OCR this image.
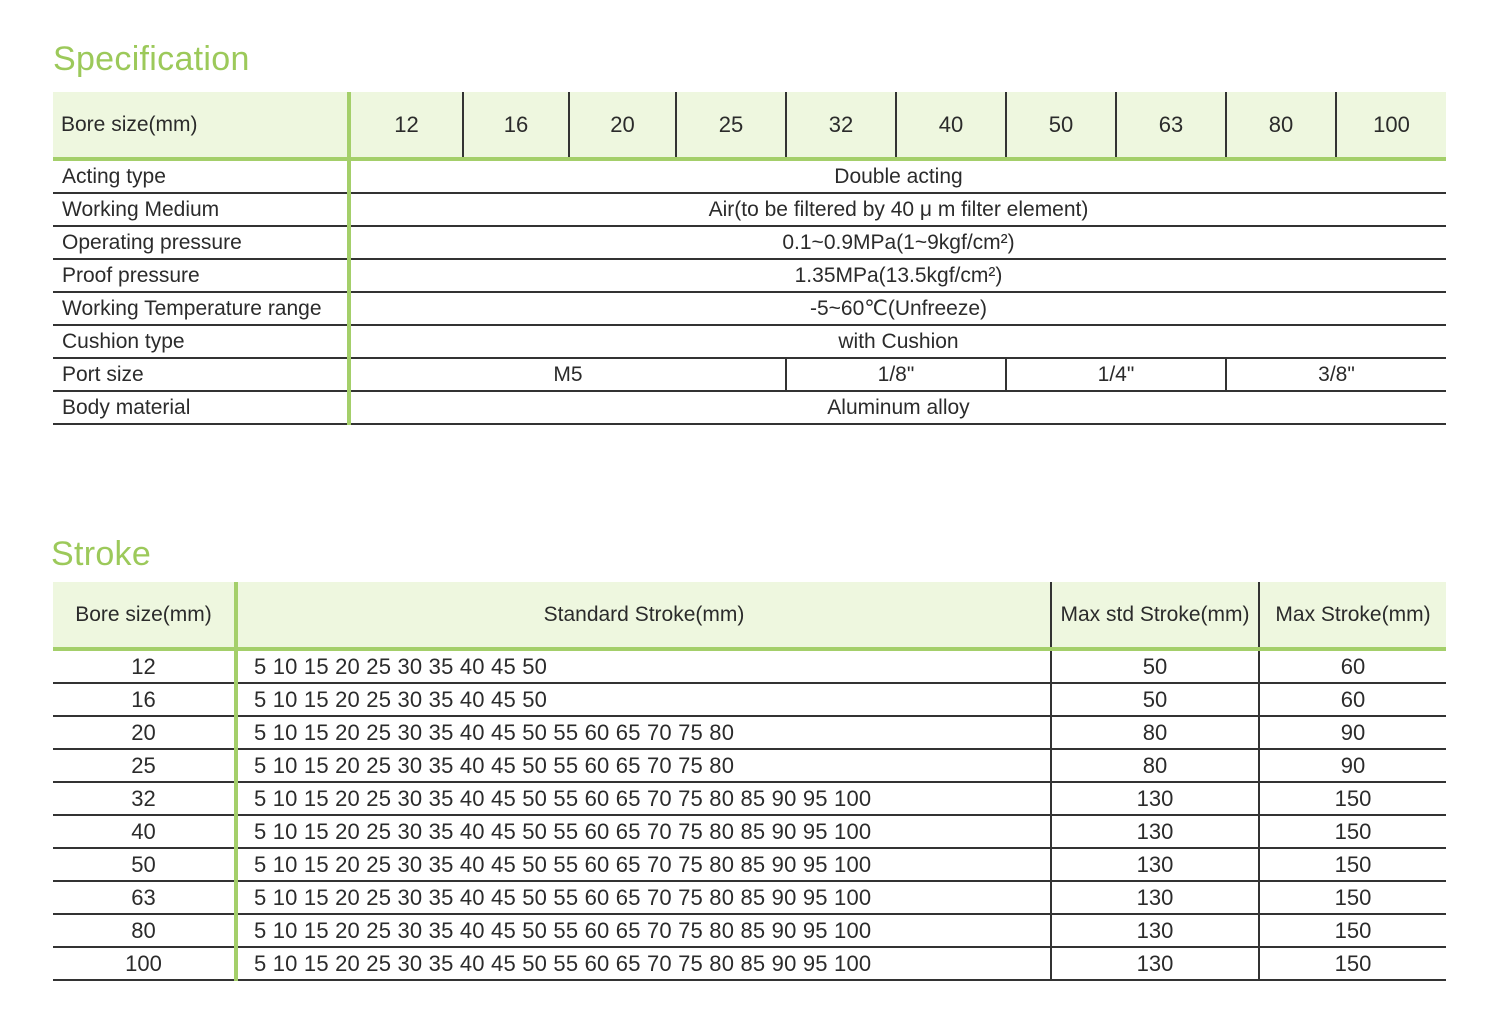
Specification
Bore size(mm)	12	16	20	25	32	40	50	63	80	100
Acting type	Double acting									
Working Medium	Air(to be filtered by 40 μ m filter element)									
Operating pressure	0.1~0.9MPa(1~9kgf/cm²)									
Proof pressure	1.35MPa(13.5kgf/cm²)									
Working Temperature range	-5~60℃(Unfreeze)									
Cushion type	with Cushion									
Port size	M5				1/8"		1/4"		3/8"	
Body material	Aluminum alloy									
Stroke
Bore size(mm)	Standard Stroke(mm)	Max std Stroke(mm)	Max Stroke(mm)
12	5 10 15 20 25 30 35 40 45 50	50	60
16	5 10 15 20 25 30 35 40 45 50	50	60
20	5 10 15 20 25 30 35 40 45 50 55 60 65 70 75 80	80	90
25	5 10 15 20 25 30 35 40 45 50 55 60 65 70 75 80	80	90
32	5 10 15 20 25 30 35 40 45 50 55 60 65 70 75 80 85 90 95 100	130	150
40	5 10 15 20 25 30 35 40 45 50 55 60 65 70 75 80 85 90 95 100	130	150
50	5 10 15 20 25 30 35 40 45 50 55 60 65 70 75 80 85 90 95 100	130	150
63	5 10 15 20 25 30 35 40 45 50 55 60 65 70 75 80 85 90 95 100	130	150
80	5 10 15 20 25 30 35 40 45 50 55 60 65 70 75 80 85 90 95 100	130	150
100	5 10 15 20 25 30 35 40 45 50 55 60 65 70 75 80 85 90 95 100	130	150
